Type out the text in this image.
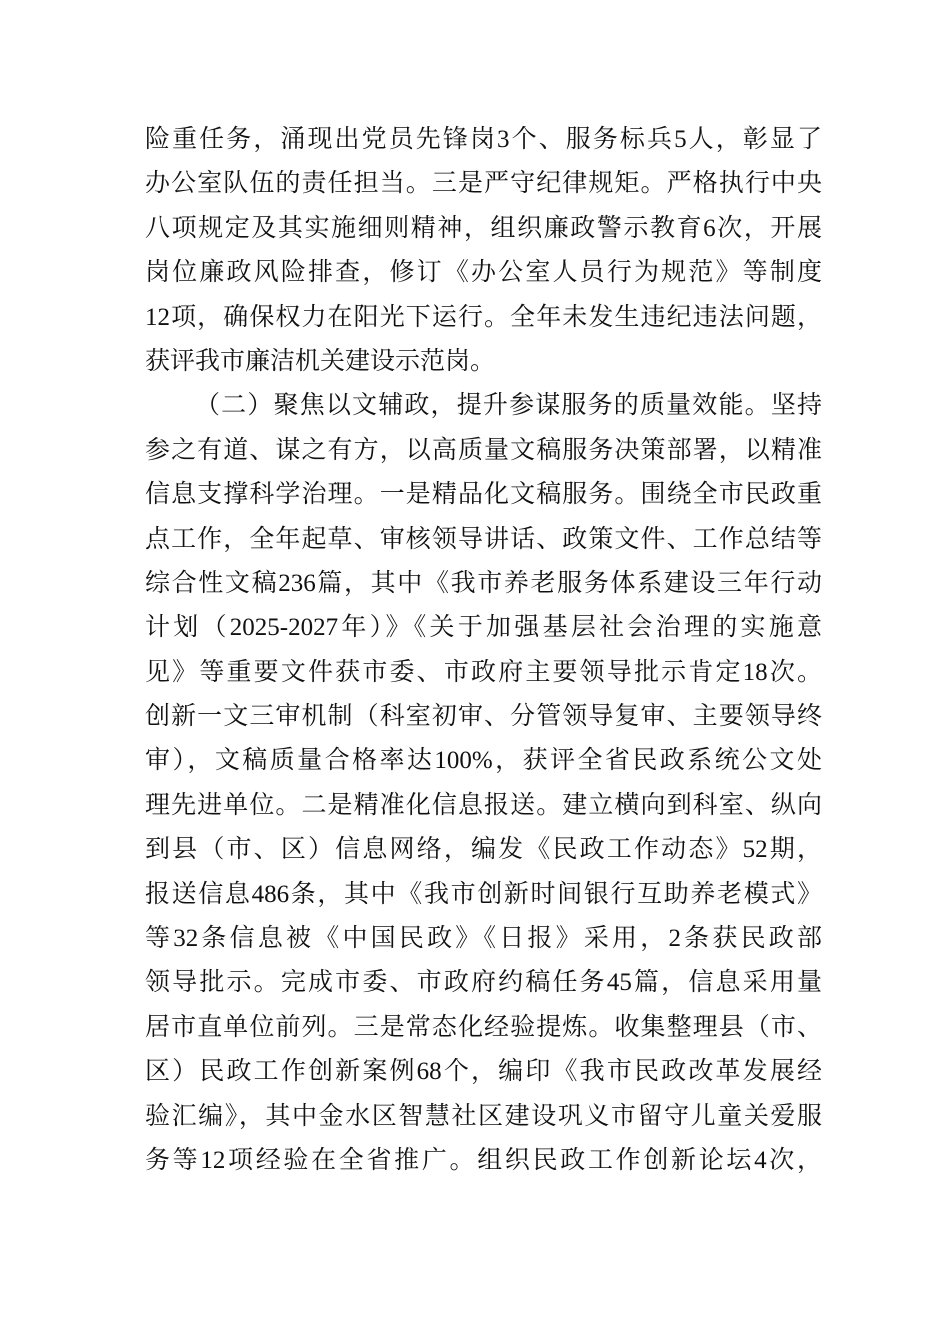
险重任务，涌现出党员先锋岗3个、服务标兵5人，彰显了
办公室队伍的责任担当。三是严守纪律规矩。严格执行中央
八项规定及其实施细则精神，组织廉政警示教育6次，开展
岗位廉政风险排查，修订《办公室人员行为规范》等制度
12项，确保权力在阳光下运行。全年未发生违纪违法问题，
获评我市廉洁机关建设示范岗。
（二）聚焦以文辅政，提升参谋服务的质量效能。坚持
参之有道、谋之有方，以高质量文稿服务决策部署，以精准
信息支撑科学治理。一是精品化文稿服务。围绕全市民政重
点工作，全年起草、审核领导讲话、政策文件、工作总结等
综合性文稿236篇，其中《我市养老服务体系建设三年行动
计划（2025-2027年）》《关于加强基层社会治理的实施意
见》等重要文件获市委、市政府主要领导批示肯定18次。
创新一文三审机制（科室初审、分管领导复审、主要领导终
审），文稿质量合格率达100%，获评全省民政系统公文处
理先进单位。二是精准化信息报送。建立横向到科室、纵向
到县（市、区）信息网络，编发《民政工作动态》52期，
报送信息486条，其中《我市创新时间银行互助养老模式》
等32条信息被《中国民政》《日报》采用，2条获民政部
领导批示。完成市委、市政府约稿任务45篇，信息采用量
居市直单位前列。三是常态化经验提炼。收集整理县（市、
区）民政工作创新案例68个，编印《我市民政改革发展经
验汇编》，其中金水区智慧社区建设巩义市留守儿童关爱服
务等12项经验在全省推广。组织民政工作创新论坛4次，
